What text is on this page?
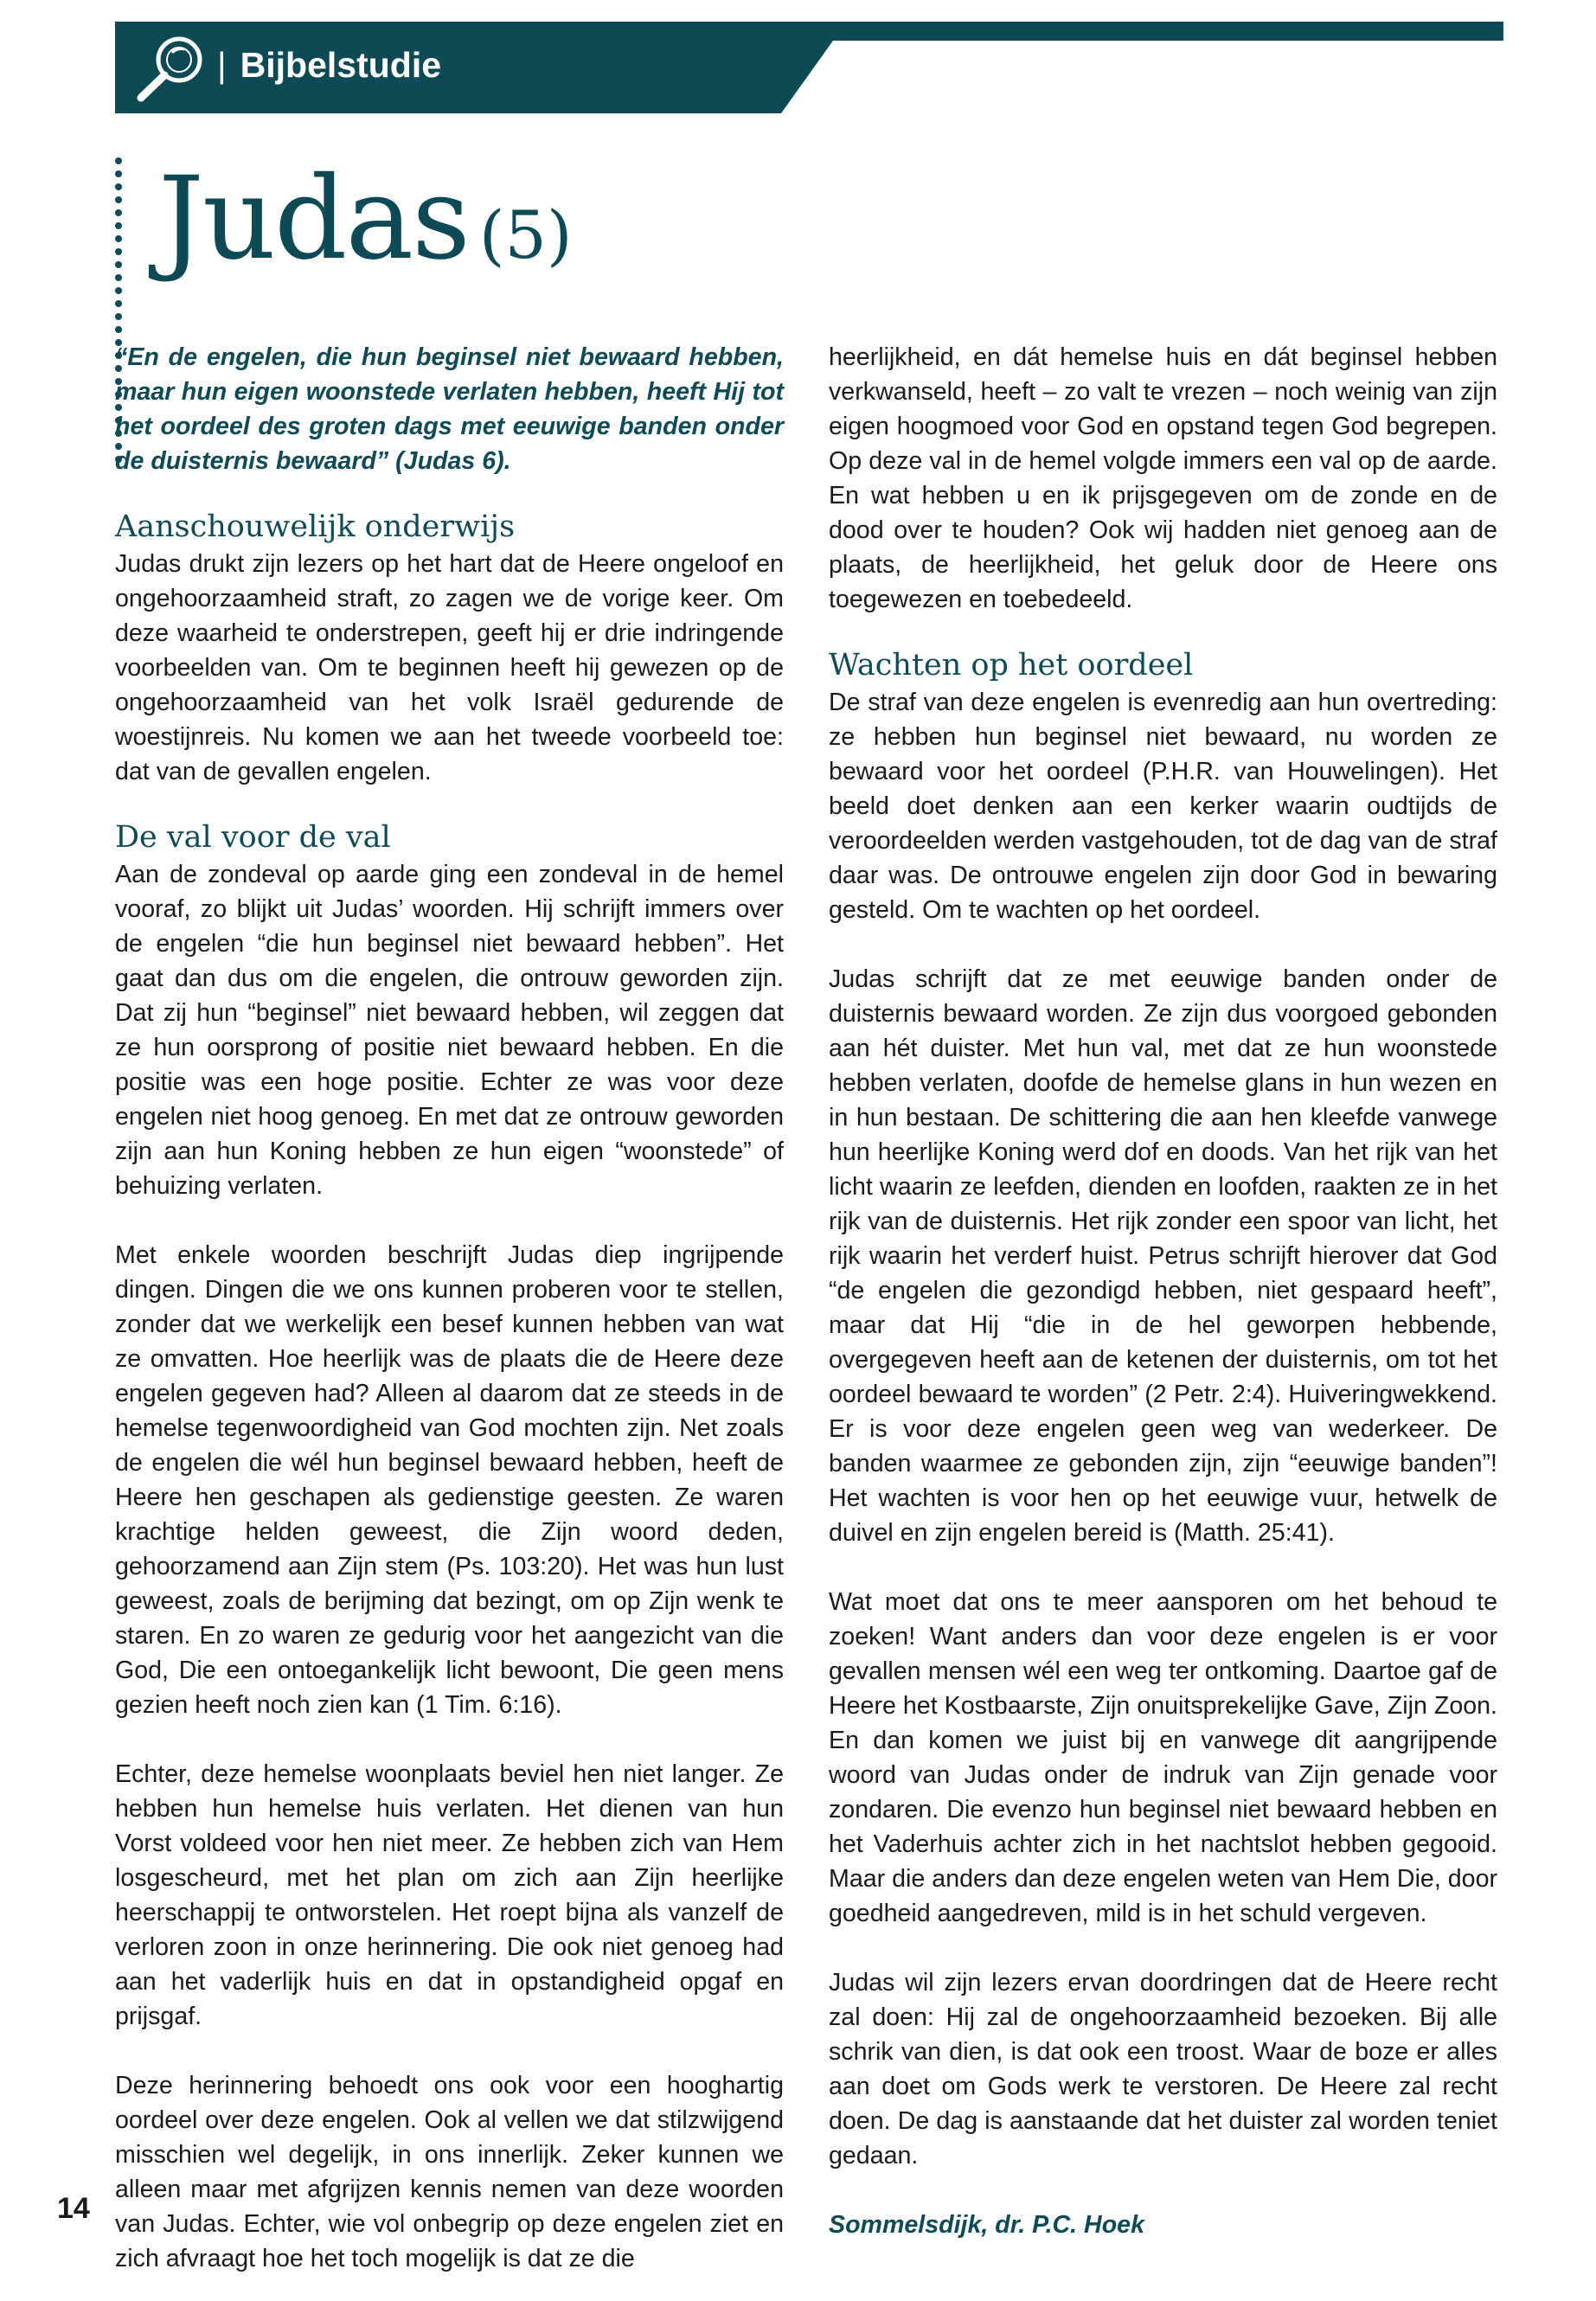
| Bijbelstudie
Judas (5)

“En de engelen, die hun beginsel niet bewaard hebben, maar hun eigen woonstede verlaten hebben, heeft Hij tot het oordeel des groten dags met eeuwige banden onder de duisternis bewaard” (Judas 6).

Aanschouwelijk onderwijs

Judas drukt zijn lezers op het hart dat de Heere ongeloof en ongehoorzaamheid straft, zo zagen we de vorige keer. Om deze waarheid te onderstrepen, geeft hij er drie indringende voorbeelden van. Om te beginnen heeft hij gewezen op de ongehoorzaamheid van het volk Israël gedurende de woestijnreis. Nu komen we aan het tweede voorbeeld toe: dat van de gevallen engelen.

De val voor de val

Aan de zondeval op aarde ging een zondeval in de hemel vooraf, zo blijkt uit Judas’ woorden. Hij schrijft immers over de engelen “die hun beginsel niet bewaard hebben”. Het gaat dan dus om die engelen, die ontrouw geworden zijn. Dat zij hun “beginsel” niet bewaard hebben, wil zeggen dat ze hun oorsprong of positie niet bewaard hebben. En die positie was een hoge positie. Echter ze was voor deze engelen niet hoog genoeg. En met dat ze ontrouw geworden zijn aan hun Koning hebben ze hun eigen “woonstede” of behuizing verlaten.

Met enkele woorden beschrijft Judas diep ingrijpende dingen. Dingen die we ons kunnen proberen voor te stellen, zonder dat we werkelijk een besef kunnen hebben van wat ze omvatten. Hoe heerlijk was de plaats die de Heere deze engelen gegeven had? Alleen al daarom dat ze steeds in de hemelse tegenwoordigheid van God mochten zijn. Net zoals de engelen die wél hun beginsel bewaard hebben, heeft de Heere hen geschapen als gedienstige geesten. Ze waren krachtige helden geweest, die Zijn woord deden, gehoorzamend aan Zijn stem (Ps. 103:20). Het was hun lust geweest, zoals de berijming dat bezingt, om op Zijn wenk te staren. En zo waren ze gedurig voor het aangezicht van die God, Die een ontoegankelijk licht bewoont, Die geen mens gezien heeft noch zien kan (1 Tim. 6:16).

Echter, deze hemelse woonplaats beviel hen niet langer. Ze hebben hun hemelse huis verlaten. Het dienen van hun Vorst voldeed voor hen niet meer. Ze hebben zich van Hem losgescheurd, met het plan om zich aan Zijn heerlijke heerschappij te ontworstelen. Het roept bijna als vanzelf de verloren zoon in onze herinnering. Die ook niet genoeg had aan het vaderlijk huis en dat in opstandigheid opgaf en prijsgaf.

Deze herinnering behoedt ons ook voor een hooghartig oordeel over deze engelen. Ook al vellen we dat stilzwijgend misschien wel degelijk, in ons innerlijk. Zeker kunnen we alleen maar met afgrijzen kennis nemen van deze woorden van Judas. Echter, wie vol onbegrip op deze engelen ziet en zich afvraagt hoe het toch mogelijk is dat ze die

heerlijkheid, en dát hemelse huis en dát beginsel hebben verkwanseld, heeft – zo valt te vrezen – noch weinig van zijn eigen hoogmoed voor God en opstand tegen God begrepen. Op deze val in de hemel volgde immers een val op de aarde. En wat hebben u en ik prijsgegeven om de zonde en de dood over te houden? Ook wij hadden niet genoeg aan de plaats, de heerlijkheid, het geluk door de Heere ons toegewezen en toebedeeld.

Wachten op het oordeel

De straf van deze engelen is evenredig aan hun overtreding: ze hebben hun beginsel niet bewaard, nu worden ze bewaard voor het oordeel (P.H.R. van Houwelingen). Het beeld doet denken aan een kerker waarin oudtijds de veroordeelden werden vastgehouden, tot de dag van de straf daar was. De ontrouwe engelen zijn door God in bewaring gesteld. Om te wachten op het oordeel.

Judas schrijft dat ze met eeuwige banden onder de duisternis bewaard worden. Ze zijn dus voorgoed gebonden aan hét duister. Met hun val, met dat ze hun woonstede hebben verlaten, doofde de hemelse glans in hun wezen en in hun bestaan. De schittering die aan hen kleefde vanwege hun heerlijke Koning werd dof en doods. Van het rijk van het licht waarin ze leefden, dienden en loofden, raakten ze in het rijk van de duisternis. Het rijk zonder een spoor van licht, het rijk waarin het verderf huist. Petrus schrijft hierover dat God “de engelen die gezondigd hebben, niet gespaard heeft”, maar dat Hij “die in de hel geworpen hebbende, overgegeven heeft aan de ketenen der duisternis, om tot het oordeel bewaard te worden” (2 Petr. 2:4). Huiveringwekkend. Er is voor deze engelen geen weg van wederkeer. De banden waarmee ze gebonden zijn, zijn “eeuwige banden”! Het wachten is voor hen op het eeuwige vuur, hetwelk de duivel en zijn engelen bereid is (Matth. 25:41).

Wat moet dat ons te meer aansporen om het behoud te zoeken! Want anders dan voor deze engelen is er voor gevallen mensen wél een weg ter ontkoming. Daartoe gaf de Heere het Kostbaarste, Zijn onuitsprekelijke Gave, Zijn Zoon. En dan komen we juist bij en vanwege dit aangrijpende woord van Judas onder de indruk van Zijn genade voor zondaren. Die evenzo hun beginsel niet bewaard hebben en het Vaderhuis achter zich in het nachtslot hebben gegooid. Maar die anders dan deze engelen weten van Hem Die, door goedheid aangedreven, mild is in het schuld vergeven.

Judas wil zijn lezers ervan doordringen dat de Heere recht zal doen: Hij zal de ongehoorzaamheid bezoeken. Bij alle schrik van dien, is dat ook een troost. Waar de boze er alles aan doet om Gods werk te verstoren. De Heere zal recht doen. De dag is aanstaande dat het duister zal worden teniet gedaan.

Sommelsdijk, dr. P.C. Hoek

14
